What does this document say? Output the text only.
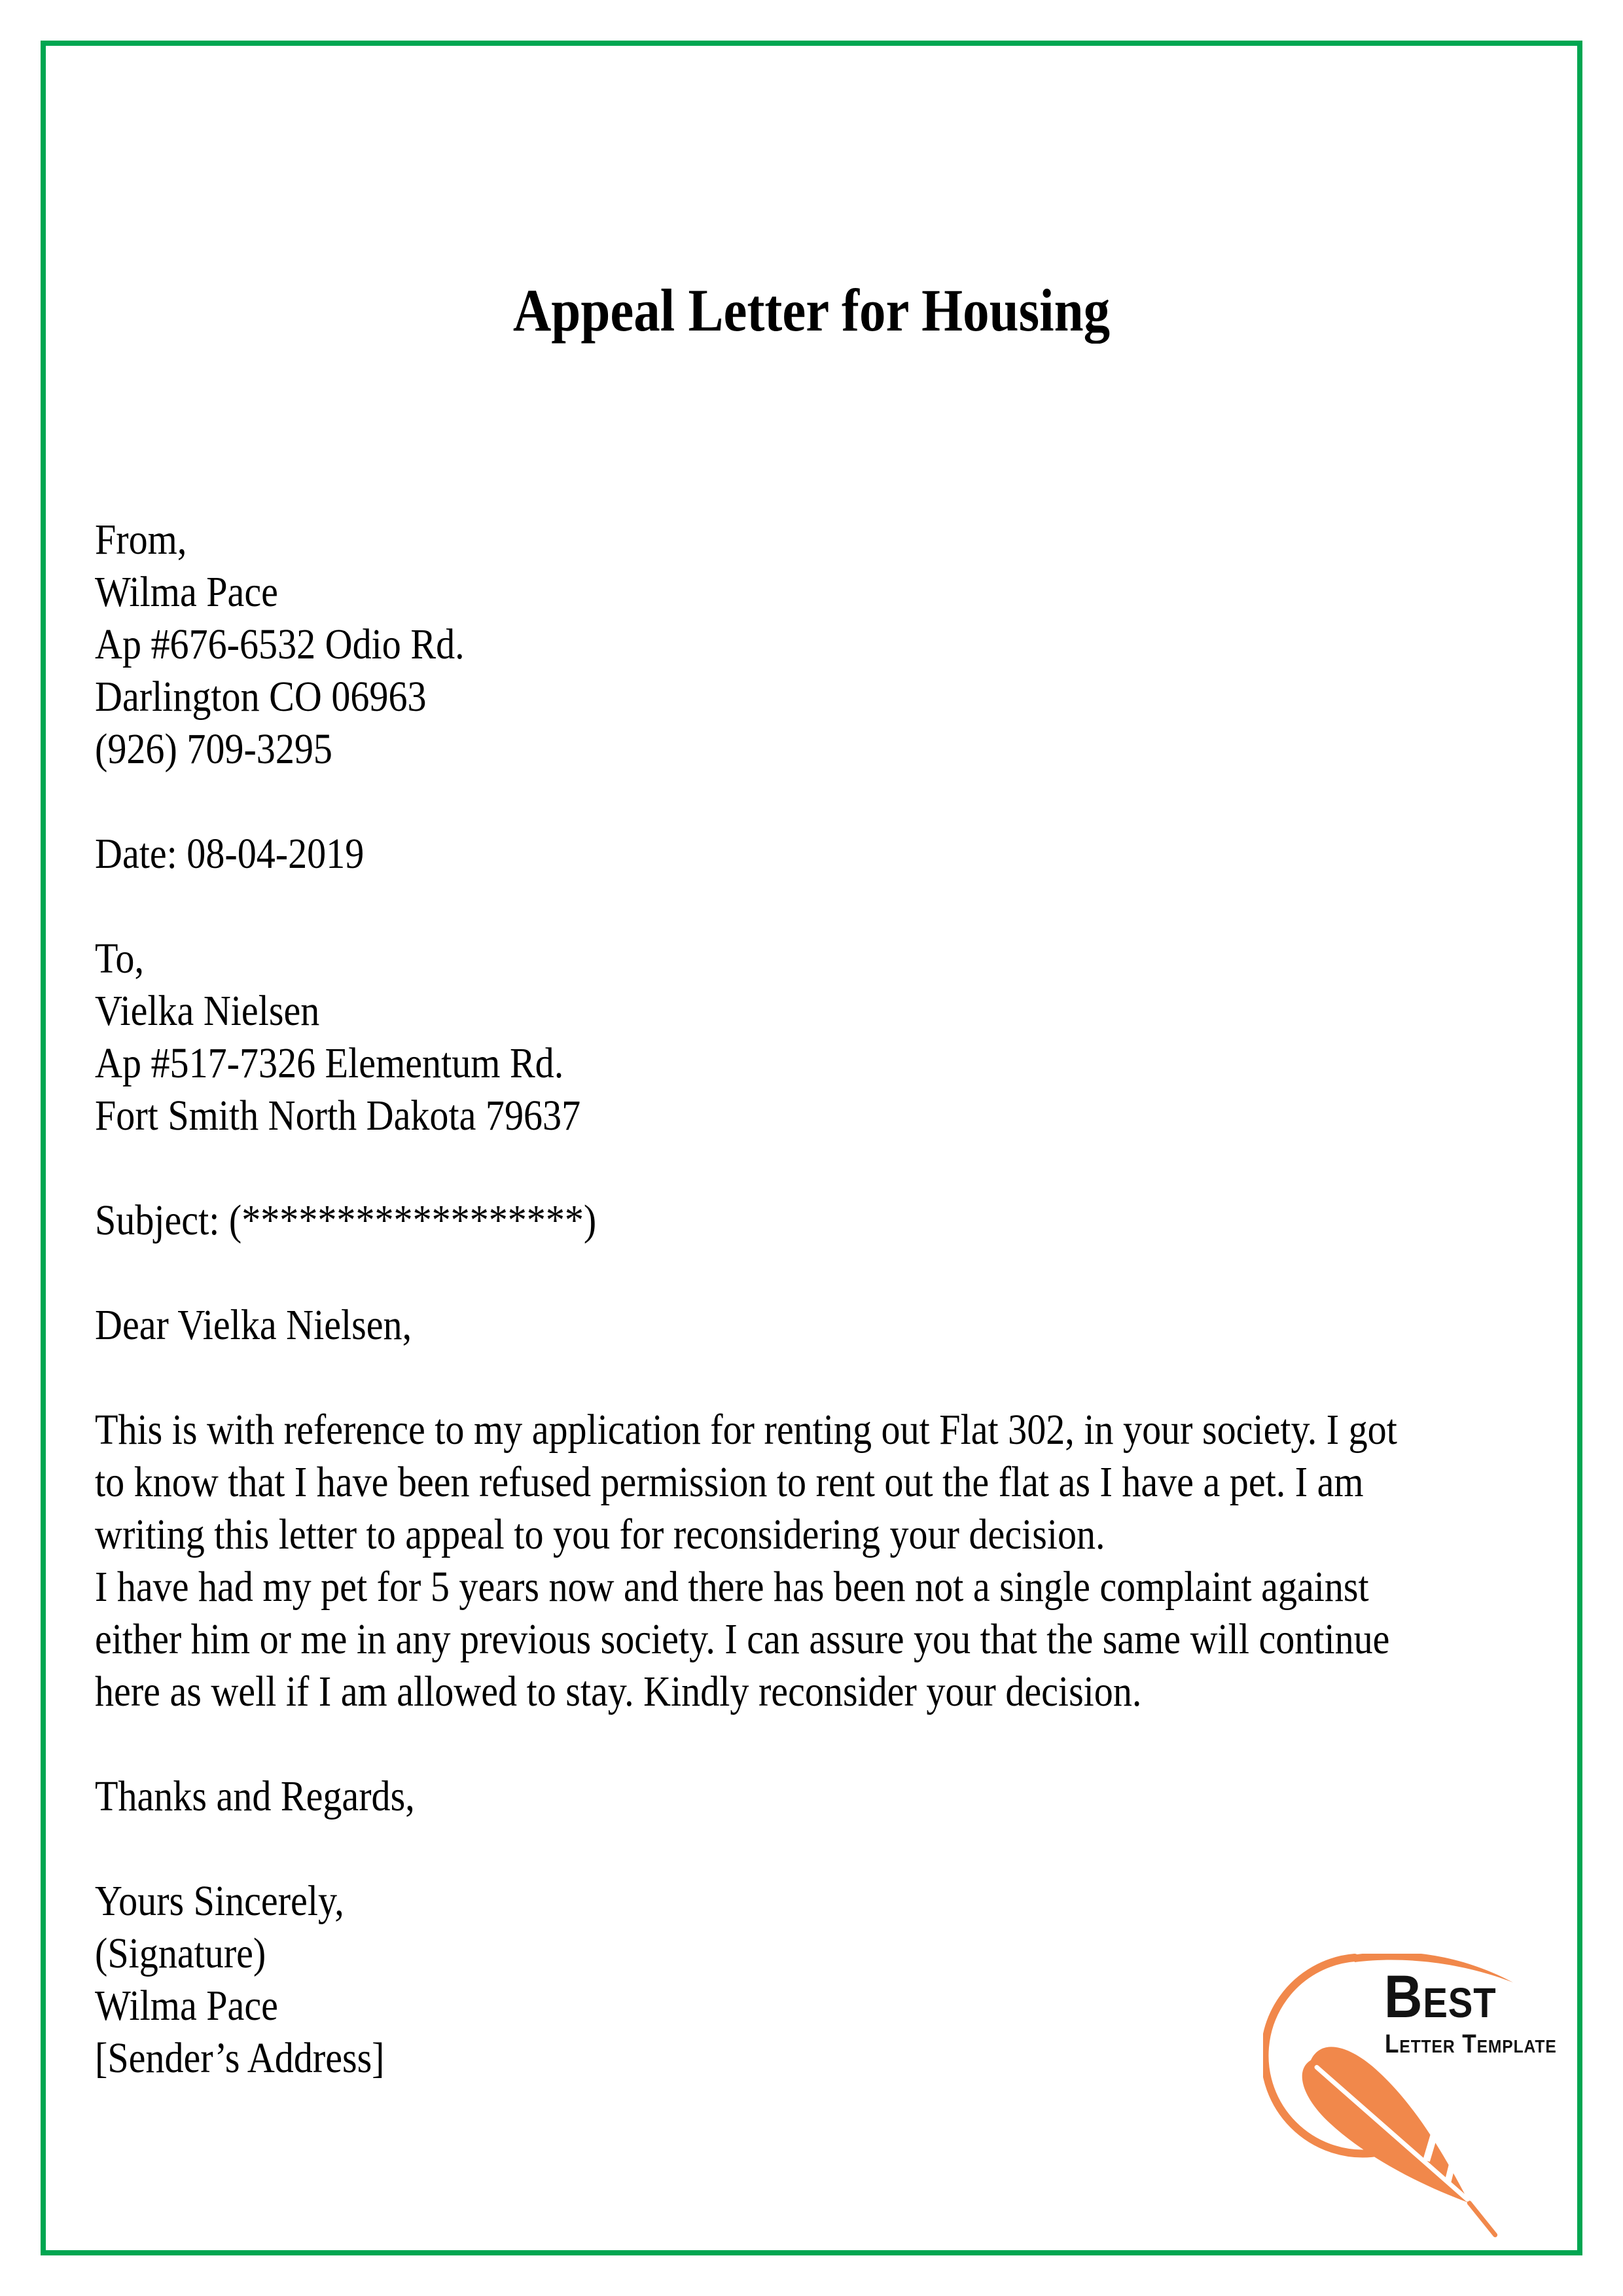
Appeal Letter for Housing
From,
Wilma Pace
Ap #676-6532 Odio Rd.
Darlington CO 06963
(926) 709-3295
Date: 08-04-2019
To,
Vielka Nielsen
Ap #517-7326 Elementum Rd.
Fort Smith North Dakota 79637
Subject: (******************)
Dear Vielka Nielsen,
This is with reference to my application for renting out Flat 302, in your society. I got
to know that I have been refused permission to rent out the flat as I have a pet. I am
writing this letter to appeal to you for reconsidering your decision.
I have had my pet for 5 years now and there has been not a single complaint against
either him or me in any previous society. I can assure you that the same will continue
here as well if I am allowed to stay. Kindly reconsider your decision.
Thanks and Regards,
Yours Sincerely,
(Signature)
Wilma Pace
[Sender’s Address]
Best
Letter Template
